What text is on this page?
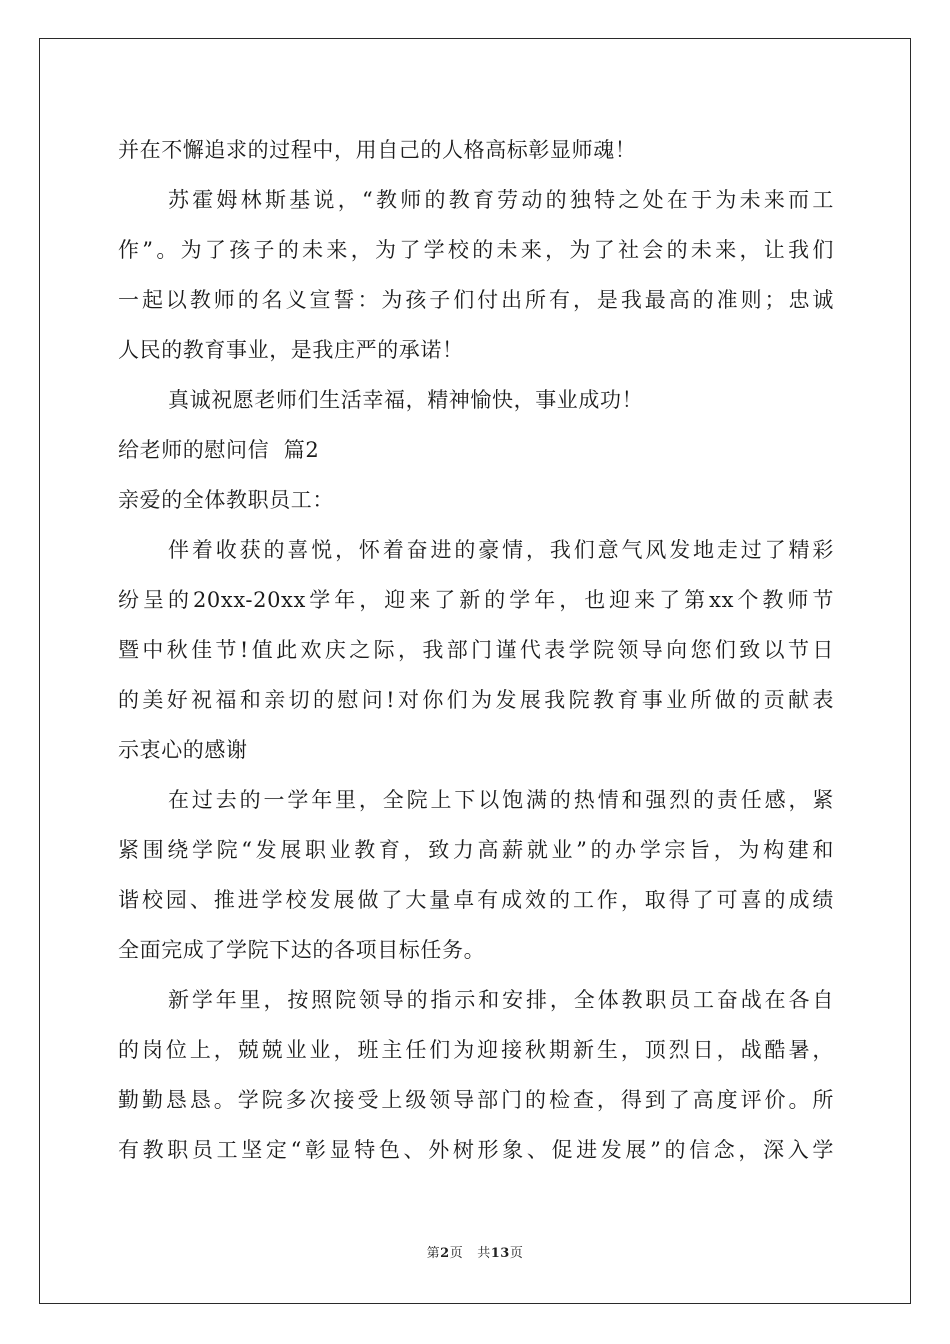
并在不懈追求的过程中，用自己的人格高标彰显师魂！
苏霍姆林斯基说，“教师的教育劳动的独特之处在于为未来而工
作”。为了孩子的未来，为了学校的未来，为了社会的未来，让我们
一起以教师的名义宣誓：为孩子们付出所有，是我最高的准则；忠诚
人民的教育事业，是我庄严的承诺！
真诚祝愿老师们生活幸福，精神愉快，事业成功！
给老师的慰问信  篇2
亲爱的全体教职员工：
伴着收获的喜悦，怀着奋进的豪情，我们意气风发地走过了精彩
纷呈的20xx-20xx学年，迎来了新的学年，也迎来了第xx个教师节
暨中秋佳节!值此欢庆之际，我部门谨代表学院领导向您们致以节日
的美好祝福和亲切的慰问!对你们为发展我院教育事业所做的贡献表
示衷心的感谢
在过去的一学年里，全院上下以饱满的热情和强烈的责任感，紧
紧围绕学院“发展职业教育，致力高薪就业”的办学宗旨，为构建和
谐校园、推进学校发展做了大量卓有成效的工作，取得了可喜的成绩
全面完成了学院下达的各项目标任务。
新学年里，按照院领导的指示和安排，全体教职员工奋战在各自
的岗位上，兢兢业业，班主任们为迎接秋期新生，顶烈日，战酷暑，
勤勤恳恳。学院多次接受上级领导部门的检查，得到了高度评价。所
有教职员工坚定“彰显特色、外树形象、促进发展”的信念，深入学
第2页 共13页
